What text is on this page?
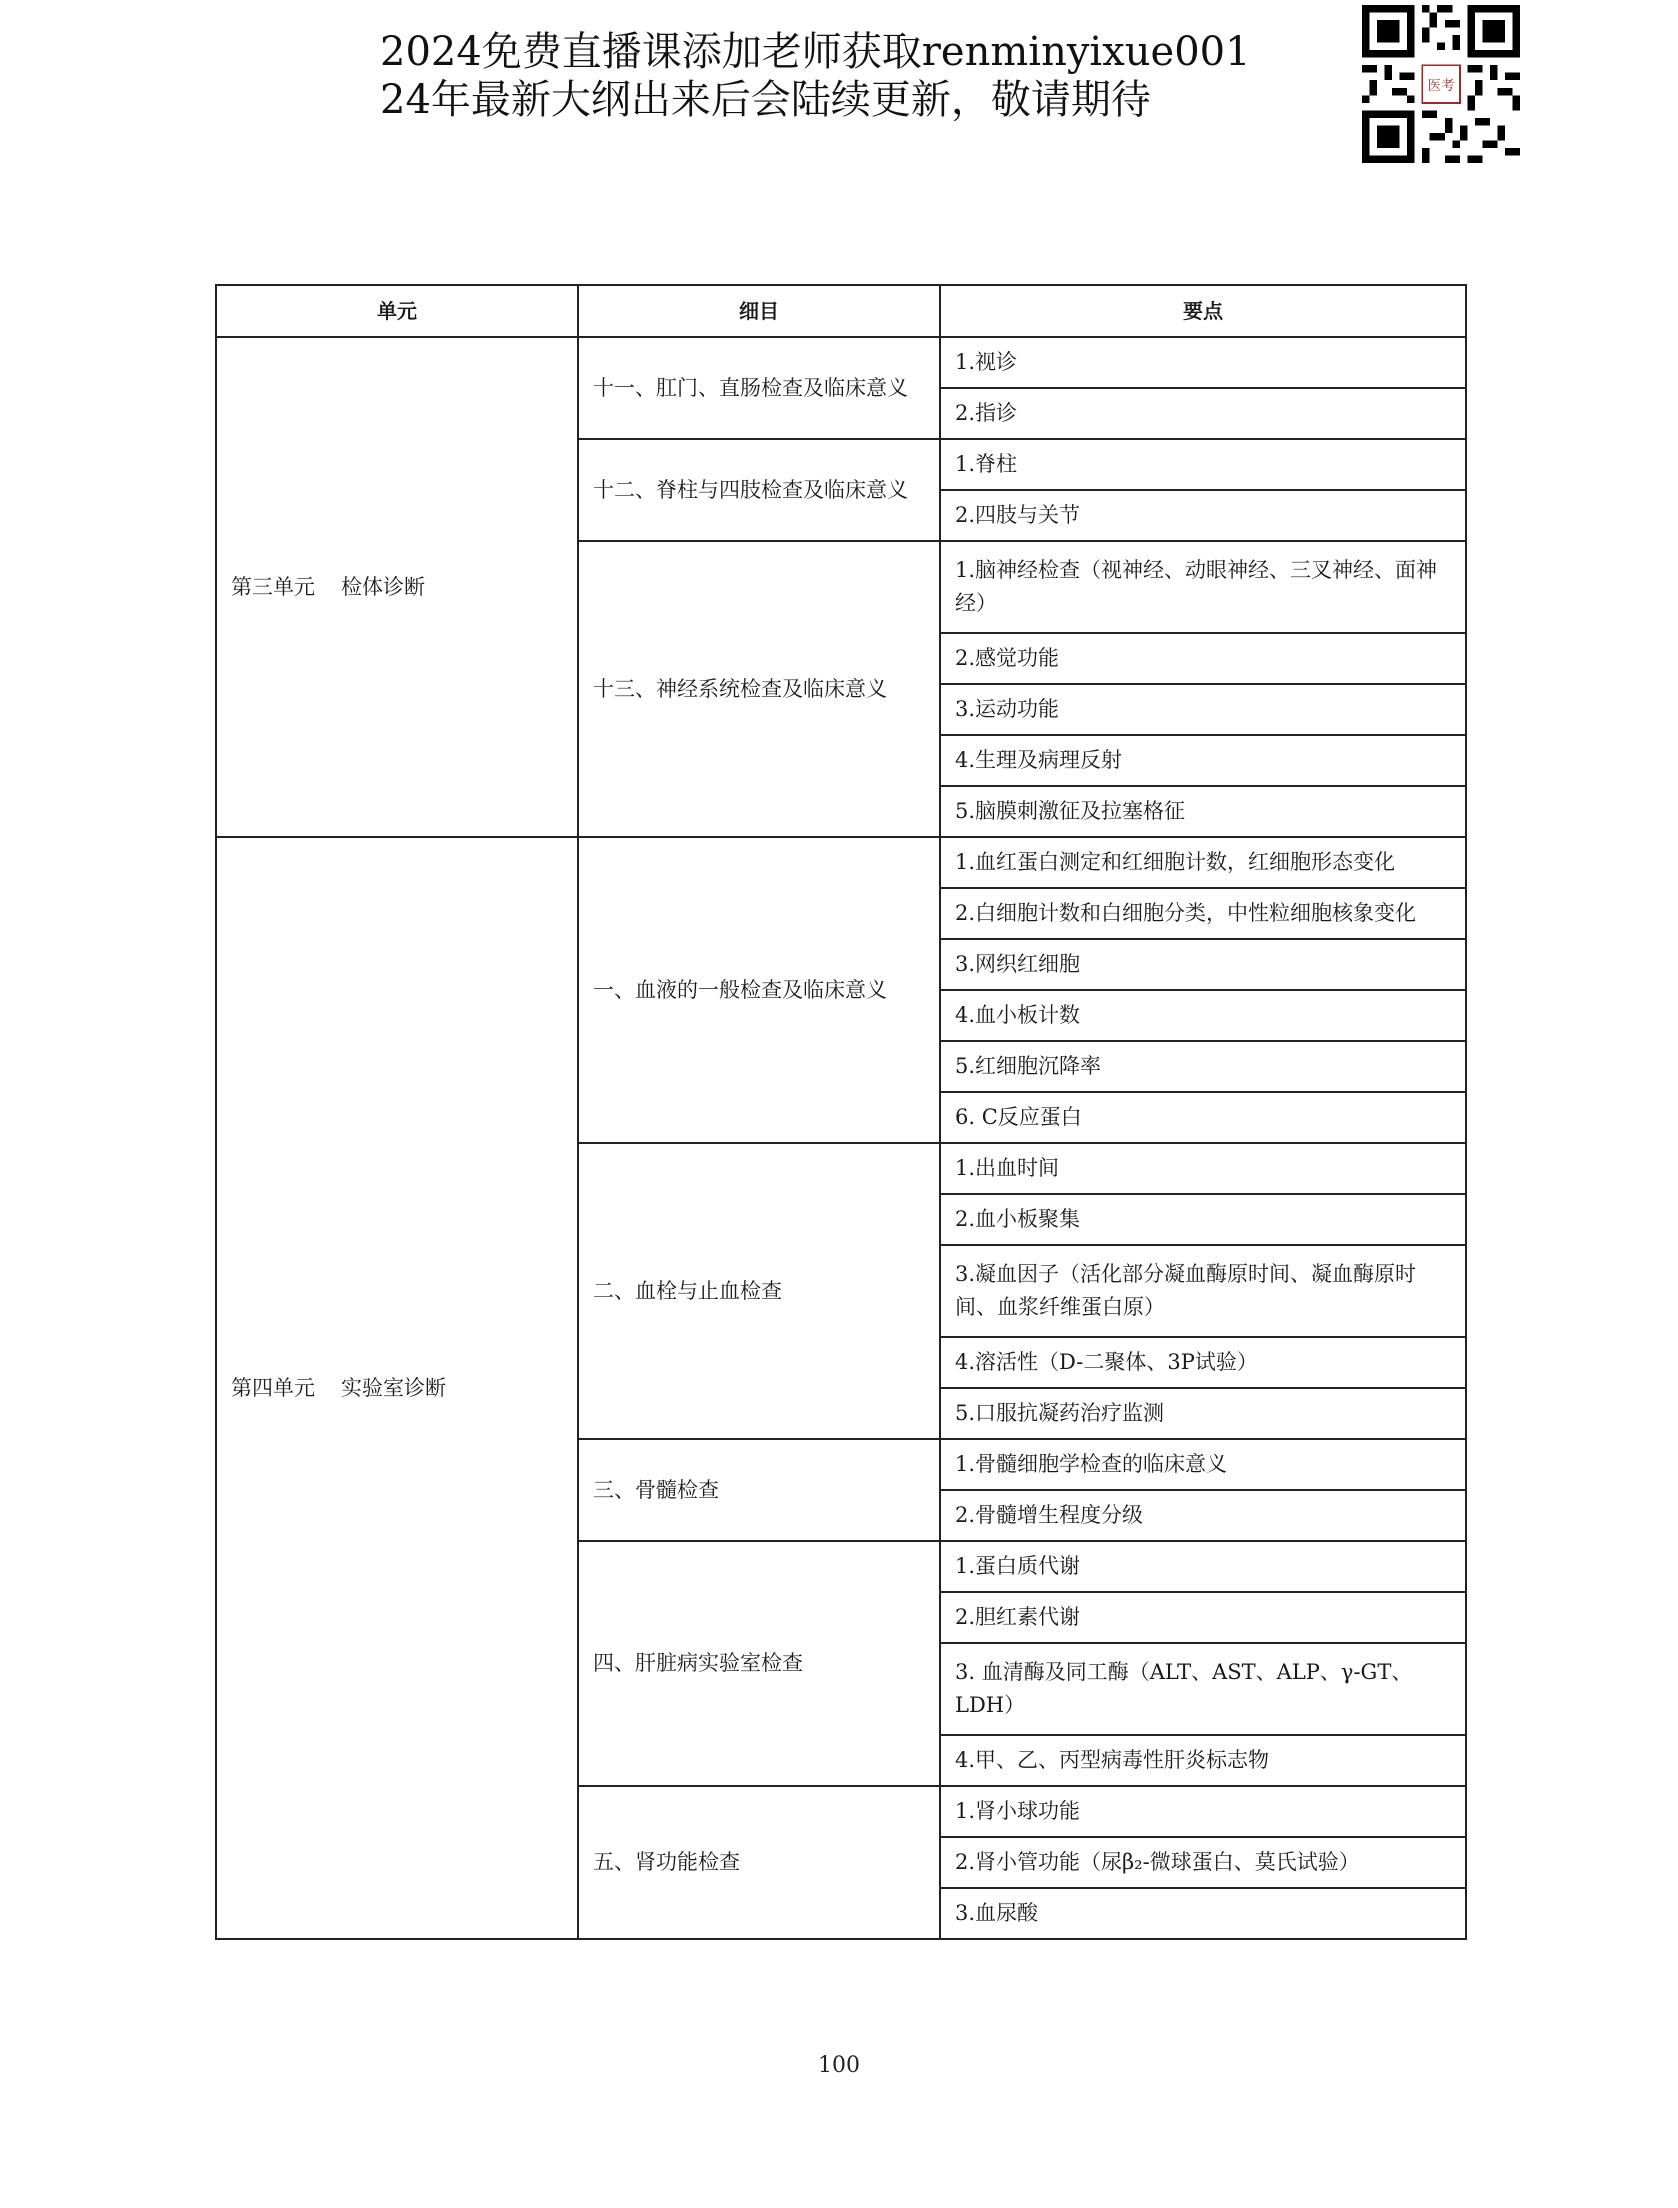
2024免费直播课添加老师获取renminyixue001
24年最新大纲出来后会陆续更新，敬请期待	医考
单元	细目	要点
第三单元 检体诊断	十一、肛门、直肠检查及临床意义	1.视诊
		2.指诊
	十二、脊柱与四肢检查及临床意义	1.脊柱
		2.四肢与关节
	十三、神经系统检查及临床意义	1.脑神经检查（视神经、动眼神经、三叉神经、面神经）
		2.感觉功能
		3.运动功能
		4.生理及病理反射
		5.脑膜刺激征及拉塞格征
第四单元 实验室诊断	一、血液的一般检查及临床意义	1.血红蛋白测定和红细胞计数，红细胞形态变化
		2.白细胞计数和白细胞分类，中性粒细胞核象变化
		3.网织红细胞
		4.血小板计数
		5.红细胞沉降率
		6. C反应蛋白
	二、血栓与止血检查	1.出血时间
		2.血小板聚集
		3.凝血因子（活化部分凝血酶原时间、凝血酶原时间、血浆纤维蛋白原）
		4.溶活性（D-二聚体、3P试验）
		5.口服抗凝药治疗监测
	三、骨髓检查	1.骨髓细胞学检查的临床意义
		2.骨髓增生程度分级
	四、肝脏病实验室检查	1.蛋白质代谢
		2.胆红素代谢
		3. 血清酶及同工酶（ALT、AST、ALP、γ-GT、LDH）
		4.甲、乙、丙型病毒性肝炎标志物
	五、肾功能检查	1.肾小球功能
		2.肾小管功能（尿β₂-微球蛋白、莫氏试验）
		3.血尿酸
100
